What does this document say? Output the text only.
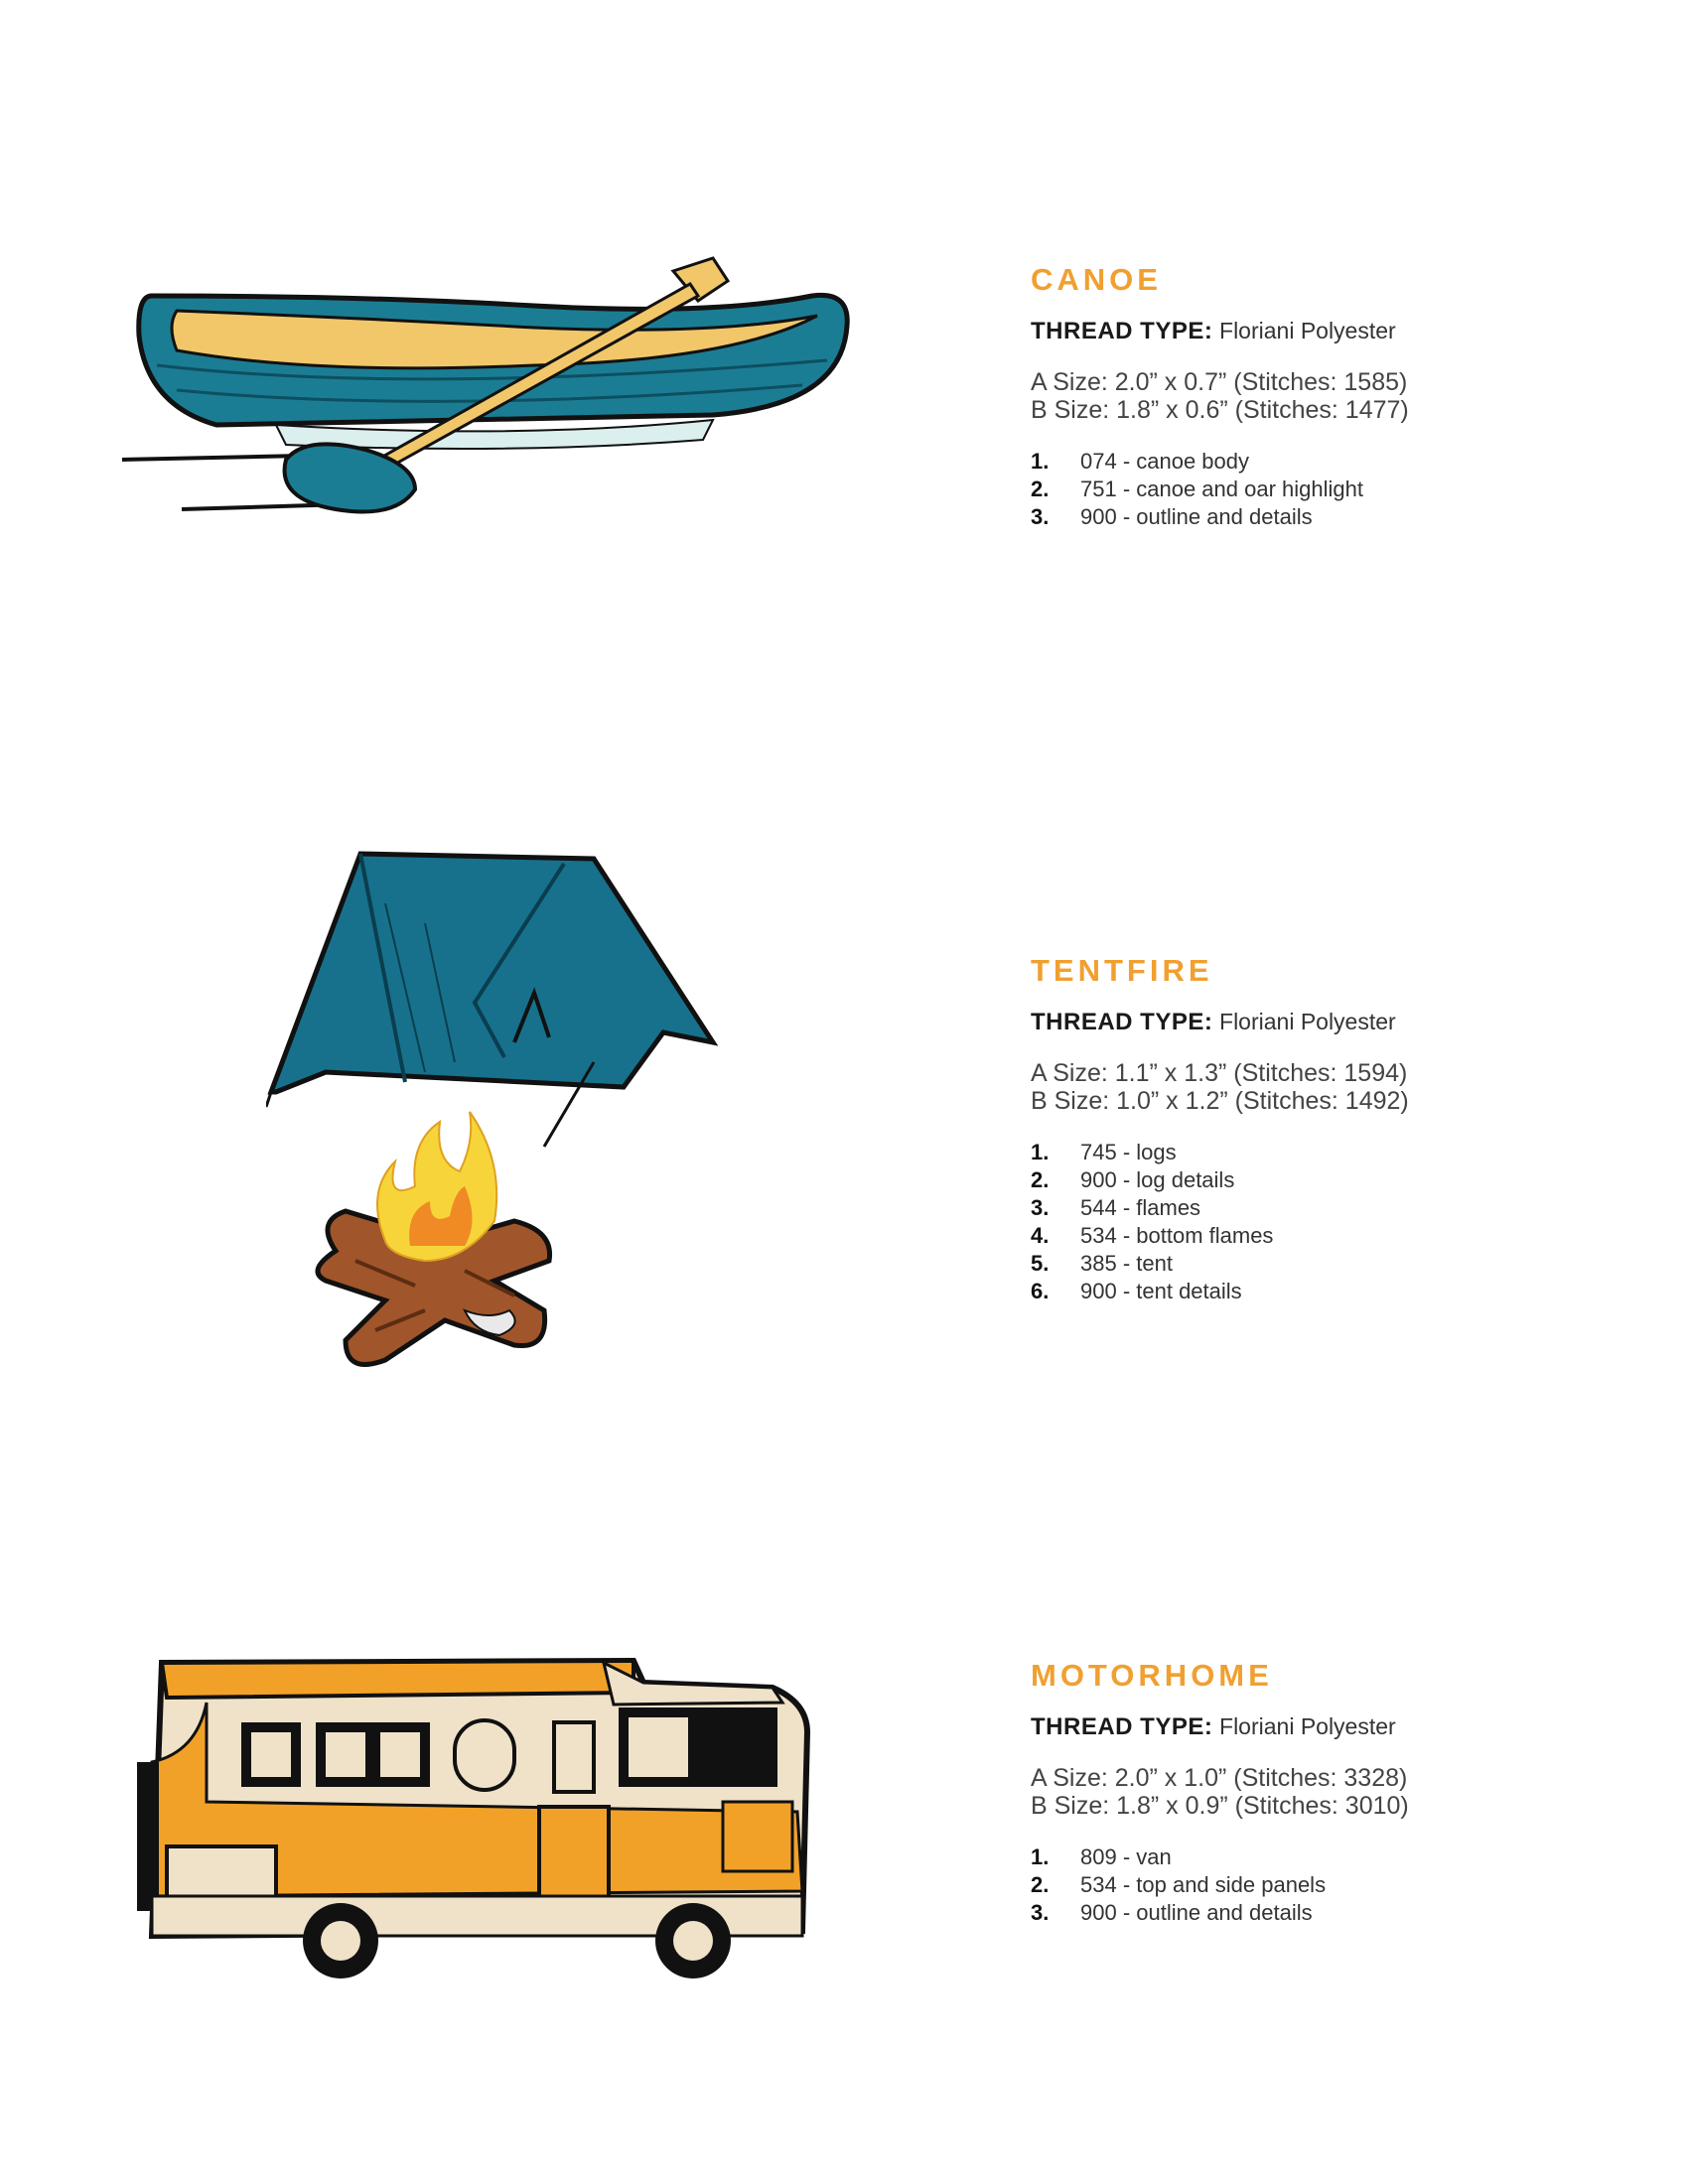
CANOE
THREAD TYPE: Floriani Polyester
A Size: 2.0” x 0.7” (Stitches: 1585)
B Size: 1.8” x 0.6” (Stitches: 1477)
1.	074 - canoe body
2.	751 - canoe and oar highlight
3.	900 - outline and details
TENTFIRE
THREAD TYPE: Floriani Polyester
A Size: 1.1” x 1.3” (Stitches: 1594)
B Size: 1.0” x 1.2” (Stitches: 1492)
1.	745 - logs
2.	900 - log details
3.	544 - flames
4.	534 - bottom flames
5.	385 - tent
6.	900 - tent details
MOTORHOME
THREAD TYPE: Floriani Polyester
A Size: 2.0” x 1.0” (Stitches: 3328)
B Size: 1.8” x 0.9” (Stitches: 3010)
1.	809 - van
2.	534 - top and side panels
3.	900 - outline and details
